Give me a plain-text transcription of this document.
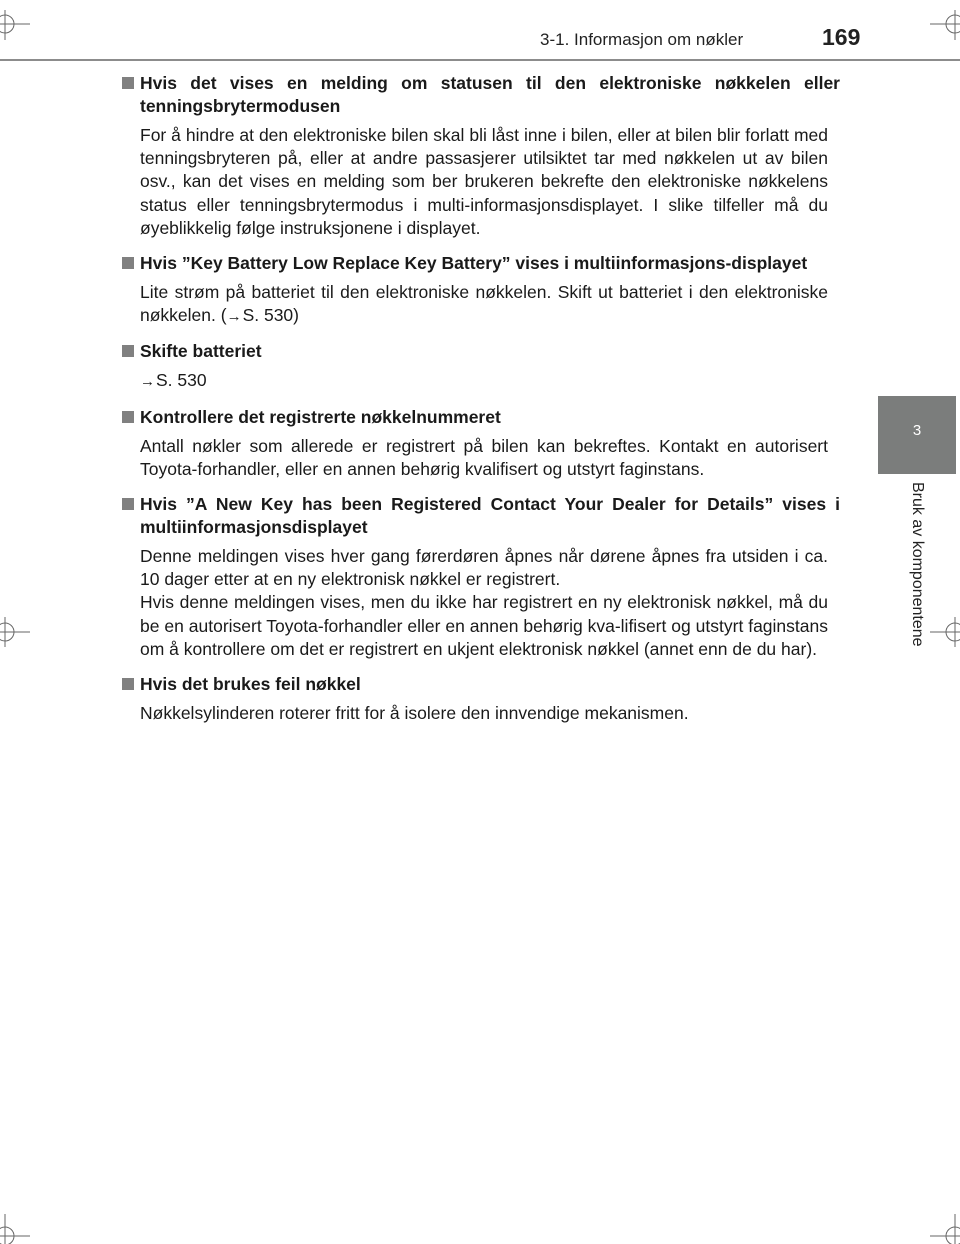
3-1. Informasjon om nøkler	169
3
Bruk av komponentene
Hvis det vises en melding om statusen til den elektroniske nøkkelen eller tenningsbrytermodusen
For å hindre at den elektroniske bilen skal bli låst inne i bilen, eller at bilen blir forlatt med tenningsbryteren på, eller at andre passasjerer utilsiktet tar med nøkkelen ut av bilen osv., kan det vises en melding som ber brukeren bekrefte den elektroniske nøkkelens status eller tenningsbrytermodus i multi-informasjonsdisplayet. I slike tilfeller må du øyeblikkelig følge instruksjonene i displayet.
Hvis ”Key Battery Low Replace Key Battery” vises i multiinformasjons-displayet
Lite strøm på batteriet til den elektroniske nøkkelen. Skift ut batteriet i den elektroniske nøkkelen. (→S. 530)
Skifte batteriet
→S. 530
Kontrollere det registrerte nøkkelnummeret
Antall nøkler som allerede er registrert på bilen kan bekreftes. Kontakt en autorisert Toyota-forhandler, eller en annen behørig kvalifisert og utstyrt faginstans.
Hvis ”A New Key has been Registered Contact Your Dealer for Details” vises i multiinformasjonsdisplayet

Denne meldingen vises hver gang førerdøren åpnes når dørene åpnes fra utsiden i ca. 10 dager etter at en ny elektronisk nøkkel er registrert.

Hvis denne meldingen vises, men du ikke har registrert en ny elektronisk nøkkel, må du be en autorisert Toyota-forhandler eller en annen behørig kva-lifisert og utstyrt faginstans om å kontrollere om det er registrert en ukjent elektronisk nøkkel (annet enn de du har).

Hvis det brukes feil nøkkel
Nøkkelsylinderen roterer fritt for å isolere den innvendige mekanismen.
